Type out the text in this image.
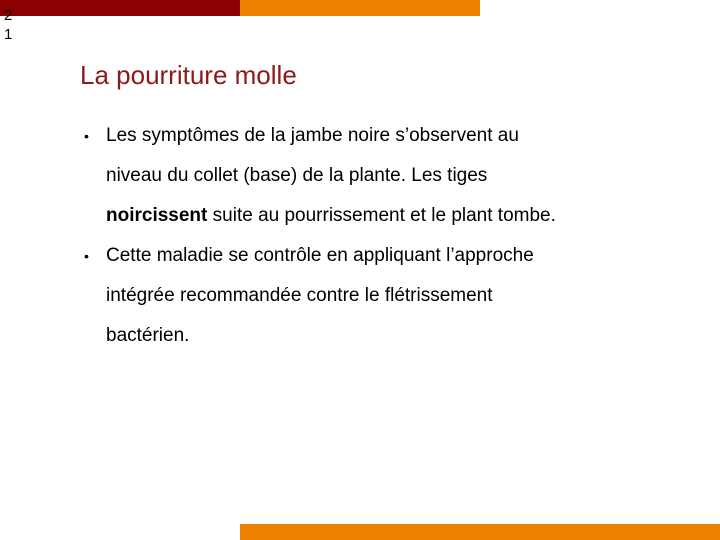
2
1
La pourriture molle
• Les symptômes de la jambe noire s’observent au
niveau du collet (base) de la plante. Les tiges
noircissent suite au pourrissement et le plant tombe.
• Cette maladie se contrôle en appliquant l’approche
intégrée recommandée contre le flétrissement
bactérien.
